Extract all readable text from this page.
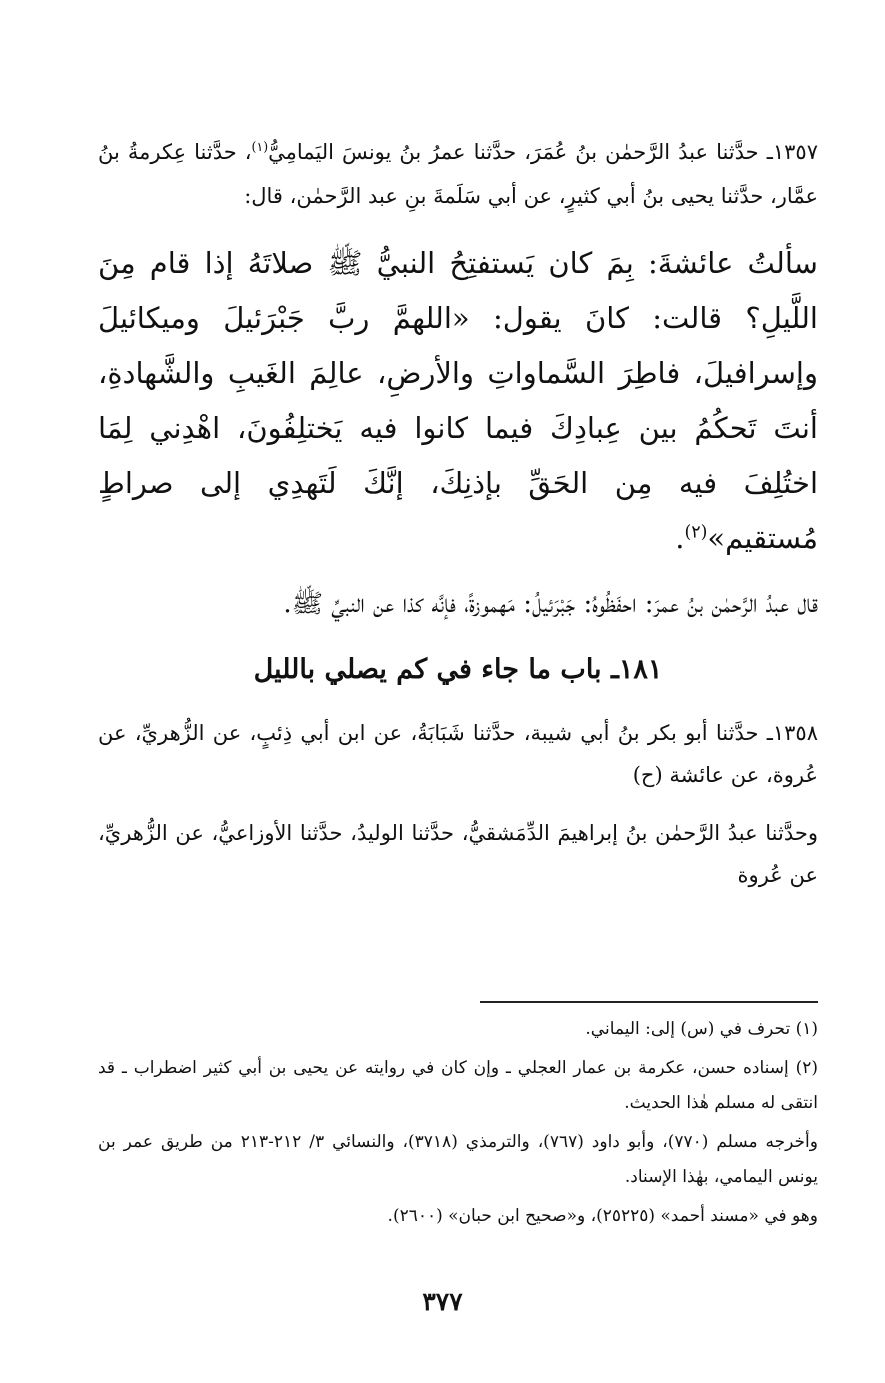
١٣٥٧ـ حدَّثنا عبدُ الرَّحمٰن بنُ عُمَرَ، حدَّثنا عمرُ بنُ يونسَ اليَمامِيُّ$^{(١)}$، حدَّثنا عِكرمةُ بنُ عمَّار، حدَّثنا يحيى بنُ أبي كثيرٍ، عن أبي سَلَمةَ بنِ عبد الرَّحمٰن، قال:

سألتُ عائشةَ: بِمَ كان يَستفتِحُ النبيُّ ﷺ صلاتَهُ إذا قام مِنَ اللَّيلِ؟ قالت: كانَ يقول: «اللهمَّ ربَّ جَبْرَئيلَ وميكائيلَ وإسرافيلَ، فاطِرَ السَّماواتِ والأرضِ، عالِمَ الغَيبِ والشَّهادةِ، أنتَ تَحكُمُ بين عِبادِكَ فيما كانوا فيه يَختلِفُونَ، اهْدِني لِمَا اختُلِفَ فيه مِن الحَقِّ بإذنِكَ، إنَّكَ لَتَهدِي إلى صراطٍ مُستقيم»$^{(٢)}$.

قال عبدُ الرَّحمٰن بنُ عمرَ: احفَظُوهُ: جَبْرَئيلُ: مَهموزةً، فإنَّه كذا عن النبيِّ ﷺ.

١٨١ـ باب ما جاء في كم يصلي بالليل

١٣٥٨ـ حدَّثنا أبو بكر بنُ أبي شيبة، حدَّثنا شَبَابَةُ، عن ابن أبي ذِئبٍ، عن الزُّهريِّ، عن عُروة، عن عائشة (ح)

وحدَّثنا عبدُ الرَّحمٰن بنُ إبراهيمَ الدِّمَشقيُّ، حدَّثنا الوليدُ، حدَّثنا الأوزاعيُّ، عن الزُّهريِّ، عن عُروة

(١) تحرف في (س) إلى: اليماني.

(٢) إسناده حسن، عكرمة بن عمار العجلي ـ وإن كان في روايته عن يحيى بن أبي كثير اضطراب ـ قد انتقى له مسلم هٰذا الحديث.

وأخرجه مسلم (٧٧٠)، وأبو داود (٧٦٧)، والترمذي (٣٧١٨)، والنسائي ٣/ ٢١٢-٢١٣ من طريق عمر بن يونس اليمامي، بهٰذا الإسناد.

وهو في «مسند أحمد» (٢٥٢٢٥)، و«صحيح ابن حبان» (٢٦٠٠).

٣٧٧
